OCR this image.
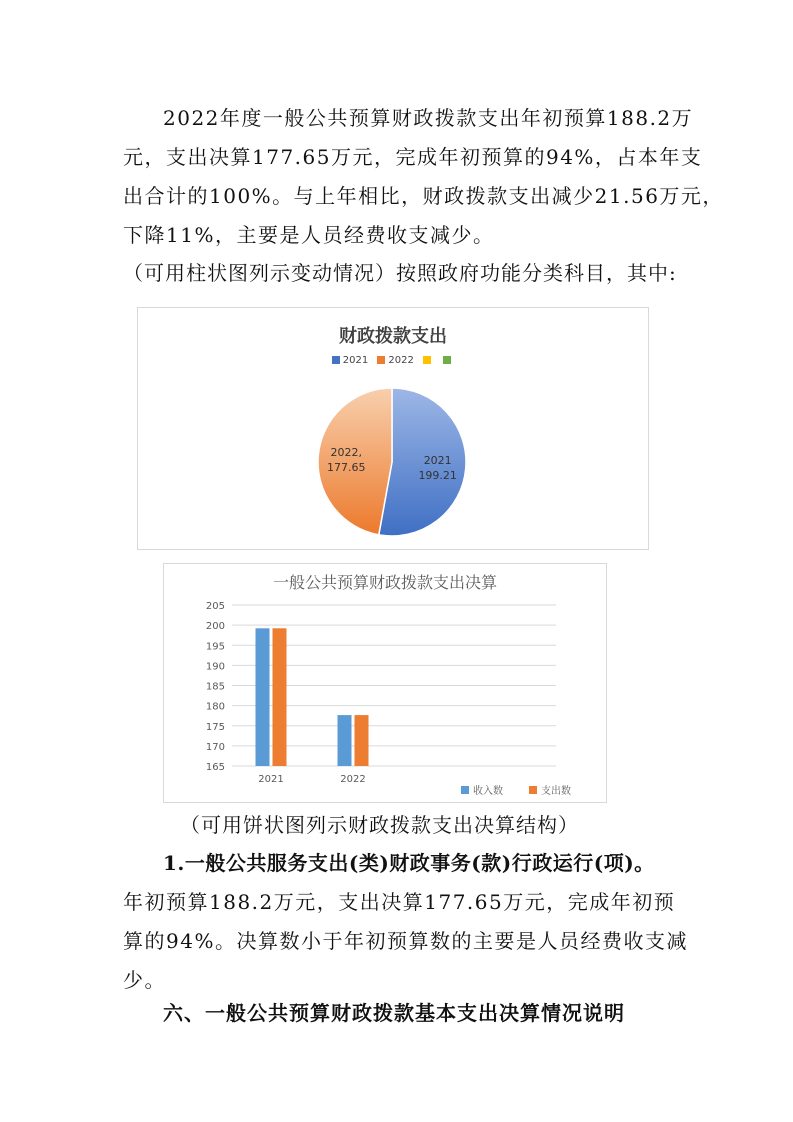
2022年度一般公共预算财政拨款支出年初预算188.2万
元，支出决算177.65万元，完成年初预算的94%，占本年支
出合计的100%。与上年相比，财政拨款支出减少21.56万元，
下降11%，主要是人员经费收支减少。
（可用柱状图列示变动情况）按照政府功能分类科目，其中:
财政拨款支出
2021 2022
2021
199.21
2022,
177.65
一般公共预算财政拨款支出决算
205
200
195
190
185
180
175
170
165
2021	2022
收入数	支出数
（可用饼状图列示财政拨款支出决算结构）
1.一般公共服务支出(类)财政事务(款)行政运行(项)。
年初预算188.2万元，支出决算177.65万元，完成年初预
算的94%。决算数小于年初预算数的主要是人员经费收支减
少。
六、一般公共预算财政拨款基本支出决算情况说明
